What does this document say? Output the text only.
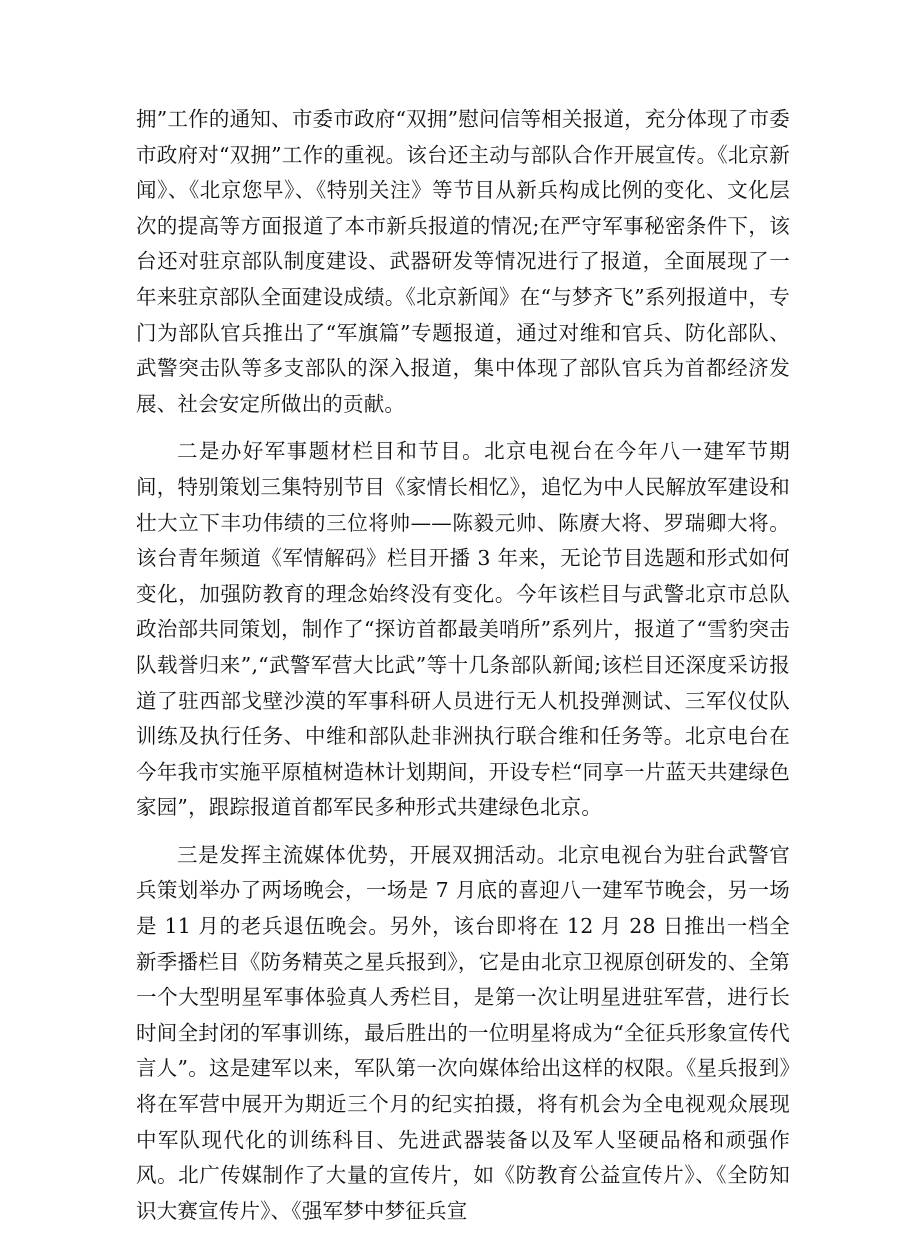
拥”工作的通知、市委市政府“双拥”慰问信等相关报道，充分体现了市委市政府对“双拥”工作的重视。该台还主动与部队合作开展宣传。《北京新闻》、《北京您早》、《特别关注》等节目从新兵构成比例的变化、文化层次的提高等方面报道了本市新兵报道的情况;在严守军事秘密条件下，该台还对驻京部队制度建设、武器研发等情况进行了报道，全面展现了一年来驻京部队全面建设成绩。《北京新闻》在“与梦齐飞”系列报道中，专门为部队官兵推出了“军旗篇”专题报道，通过对维和官兵、防化部队、武警突击队等多支部队的深入报道，集中体现了部队官兵为首都经济发展、社会安定所做出的贡献。

二是办好军事题材栏目和节目。北京电视台在今年八一建军节期间，特别策划三集特别节目《家情长相忆》，追忆为中人民解放军建设和壮大立下丰功伟绩的三位将帅——陈毅元帅、陈赓大将、罗瑞卿大将。该台青年频道《军情解码》栏目开播 3 年来，无论节目选题和形式如何变化，加强防教育的理念始终没有变化。今年该栏目与武警北京市总队政治部共同策划，制作了“探访首都最美哨所”系列片，报道了“雪豹突击队载誉归来”,“武警军营大比武”等十几条部队新闻;该栏目还深度采访报道了驻西部戈壁沙漠的军事科研人员进行无人机投弹测试、三军仪仗队训练及执行任务、中维和部队赴非洲执行联合维和任务等。北京电台在今年我市实施平原植树造林计划期间，开设专栏“同享一片蓝天共建绿色家园”，跟踪报道首都军民多种形式共建绿色北京。

三是发挥主流媒体优势，开展双拥活动。北京电视台为驻台武警官兵策划举办了两场晚会，一场是 7 月底的喜迎八一建军节晚会，另一场是 11 月的老兵退伍晚会。另外，该台即将在 12 月 28 日推出一档全新季播栏目《防务精英之星兵报到》，它是由北京卫视原创研发的、全第一个大型明星军事体验真人秀栏目，是第一次让明星进驻军营，进行长时间全封闭的军事训练，最后胜出的一位明星将成为“全征兵形象宣传代言人”。这是建军以来，军队第一次向媒体给出这样的权限。《星兵报到》将在军营中展开为期近三个月的纪实拍摄，将有机会为全电视观众展现中军队现代化的训练科目、先进武器装备以及军人坚硬品格和顽强作风。北广传媒制作了大量的宣传片，如《防教育公益宣传片》、《全防知识大赛宣传片》、《强军梦中梦征兵宣
